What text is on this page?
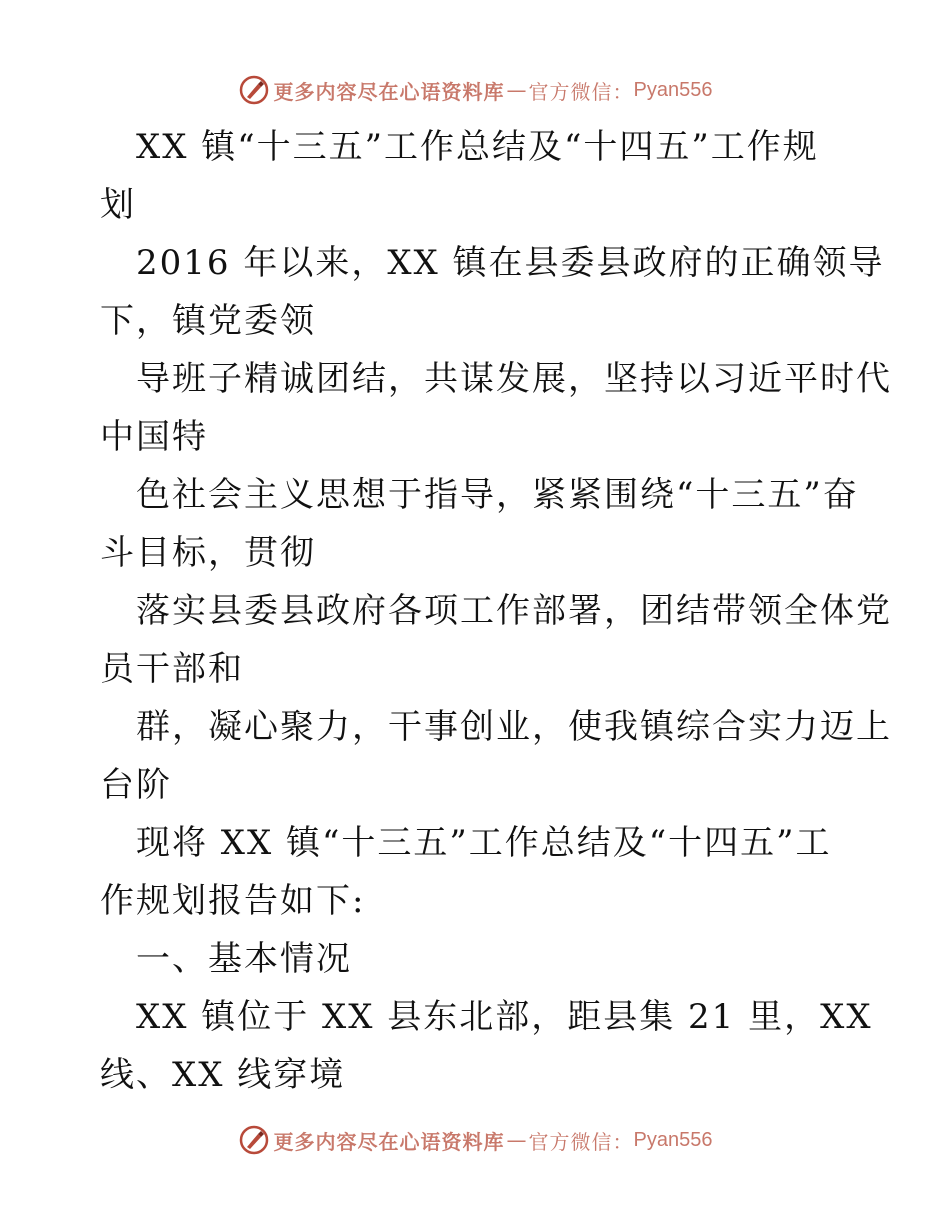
更多内容尽在心语资料库 — 官方微信： Pyan556
XX 镇“十三五”工作总结及“十四五”工作规
划
2016 年以来，XX 镇在县委县政府的正确领导
下，镇党委领
导班子精诚团结，共谋发展，坚持以习近平时代
中国特
色社会主义思想于指导，紧紧围绕“十三五”奋
斗目标，贯彻
落实县委县政府各项工作部署，团结带领全体党
员干部和
群，凝心聚力，干事创业，使我镇综合实力迈上
台阶
现将 XX 镇“十三五”工作总结及“十四五”工
作规划报告如下:
一、基本情况
XX 镇位于 XX 县东北部，距县集 21 里，XX
线、XX 线穿境
更多内容尽在心语资料库 — 官方微信： Pyan556
